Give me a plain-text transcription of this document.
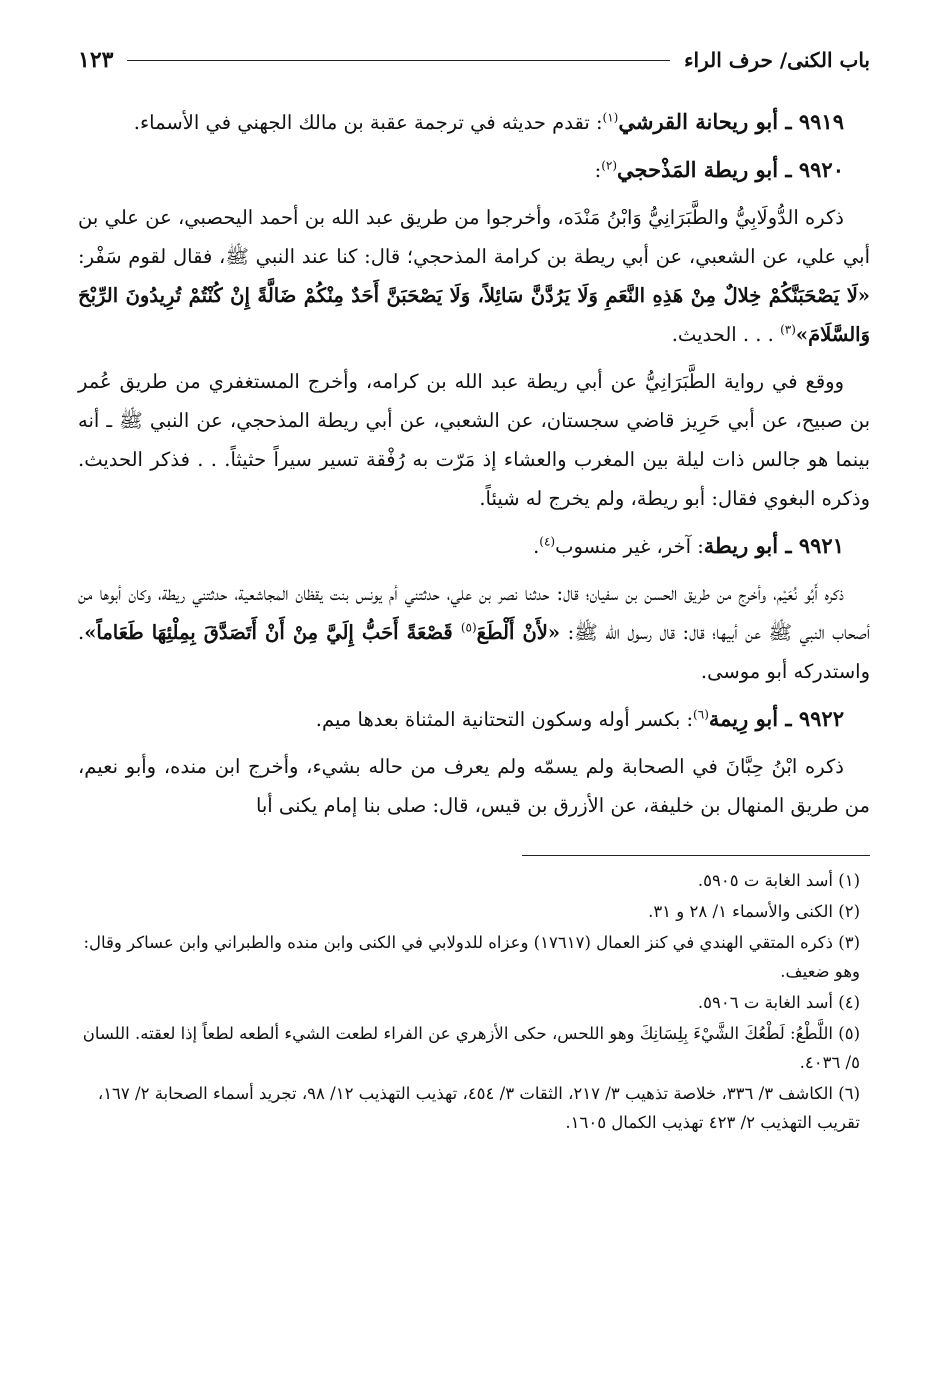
باب الكنى/ حرف الراء
١٢٣

٩٩١٩ ـ أبو ريحانة القرشي$^{(١)}$: تقدم حديثه في ترجمة عقبة بن مالك الجهني في الأسماء.

٩٩٢٠ ـ أبو ريطة المَذْحجي$^{(٢)}$:

ذكره الدُّولَابِيُّ والطَّبَرَانِيُّ وَابْنُ مَنْدَه، وأخرجوا من طريق عبد الله بن أحمد اليحصبي، عن علي بن أبي علي، عن الشعبي، عن أبي ريطة بن كرامة المذحجي؛ قال: كنا عند النبي ﷺ، فقال لقوم سَفْر: «لَا يَصْحَبَنَّكُمْ خِلالٌ مِنْ هَذِهِ النَّعَمِ وَلَا يَرُدَّنَّ سَائِلاً، وَلَا يَصْحَبَنَّ أَحَدٌ مِنْكُمْ ضَالَّةً إِنْ كُنْتُمْ تُرِيدُونَ الرِّبْحَ وَالسَّلَامَ»$^{(٣)}$ . . . الحديث.

ووقع في رواية الطَّبَرَانِيُّ عن أبي ريطة عبد الله بن كرامه، وأخرج المستغفري من طريق عُمر بن صبيح، عن أبي حَرِيز قاضي سجستان، عن الشعبي، عن أبي ريطة المذحجي، عن النبي ﷺ ـ أنه بينما هو جالس ذات ليلة بين المغرب والعشاء إذ مَرّت به رُفْقة تسير سيراً حثيثاً. . . فذكر الحديث. وذكره البغوي فقال: أبو ريطة، ولم يخرج له شيئاً.

٩٩٢١ ـ أبو ريطة: آخر، غير منسوب$^{(٤)}$.

ذكره أَبُو نُعَيْم، وأخرج من طريق الحسن بن سفيان؛ قال: حدثنا نصر بن علي، حدثتني أم يونس بنت يقظان المجاشعية، حدثتني ريطة، وكان أبوها من أصحاب النبي ﷺ عن أبيها؛ قال: قال رسول الله ﷺ: «لأَنْ أَلْطَعَ$^{(٥)}$ قَصْعَةً أَحَبُّ إِلَيَّ مِنْ أَنْ أَتَصَدَّقَ بِمِلْئِهَا طَعَاماً». واستدركه أبو موسى.

٩٩٢٢ ـ أبو رِيمة$^{(٦)}$: بكسر أوله وسكون التحتانية المثناة بعدها ميم.

ذكره ابْنُ حِبَّانَ في الصحابة ولم يسمّه ولم يعرف من حاله بشيء، وأخرج ابن منده، وأبو نعيم، من طريق المنهال بن خليفة، عن الأزرق بن قيس، قال: صلى بنا إمام يكنى أبا

(١) أسد الغابة ت ٥٩٠٥.

(٢) الكنى والأسماء ١/ ٢٨ و ٣١.

(٣) ذكره المتقي الهندي في كنز العمال (١٧٦١٧) وعزاه للدولابي في الكنى وابن منده والطبراني وابن عساكر وقال: وهو ضعيف.

(٤) أسد الغابة ت ٥٩٠٦.

(٥) اللَّطْعُ: لَطْعُكَ الشَّيْءَ بِلِسَانِكَ وهو اللحس، حكى الأزهري عن الفراء لطعت الشيء ألطعه لطعاً إذا لعقته. اللسان ٥/ ٤٠٣٦.

(٦) الكاشف ٣/ ٣٣٦، خلاصة تذهيب ٣/ ٢١٧، الثقات ٣/ ٤٥٤، تهذيب التهذيب ١٢/ ٩٨، تجريد أسماء الصحابة ٢/ ١٦٧، تقريب التهذيب ٢/ ٤٢٣ تهذيب الكمال ١٦٠٥.
